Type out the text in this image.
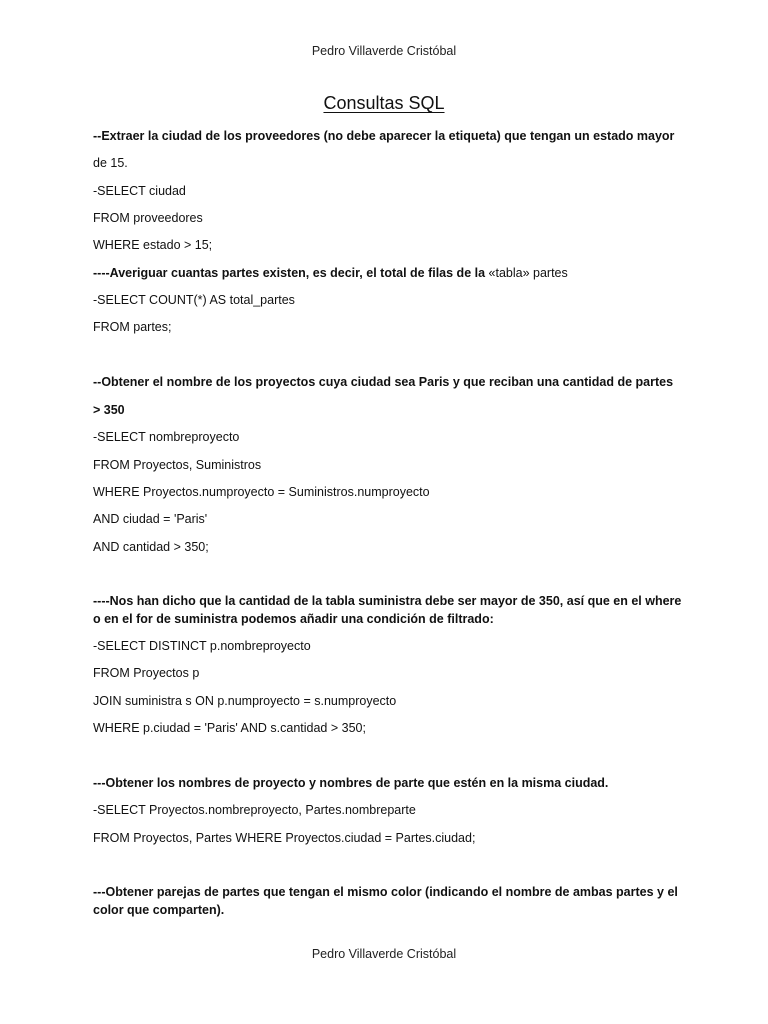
Pedro Villaverde Cristóbal
Consultas SQL
--Extraer la ciudad de los proveedores (no debe aparecer la etiqueta) que tengan un estado mayor
de 15.
-SELECT ciudad
FROM proveedores
WHERE estado > 15;
----Averiguar cuantas partes existen, es decir, el total de filas de la «tabla» partes
-SELECT COUNT(*) AS total_partes
FROM partes;
--Obtener el nombre de los proyectos cuya ciudad sea Paris y que reciban una cantidad de partes
> 350
-SELECT nombreproyecto
FROM Proyectos, Suministros
WHERE Proyectos.numproyecto = Suministros.numproyecto
AND ciudad = 'Paris'
AND cantidad > 350;
----Nos han dicho que la cantidad de la tabla suministra debe ser mayor de 350, así que en el where o en el for de suministra podemos añadir una condición de filtrado:
-SELECT DISTINCT p.nombreproyecto
FROM Proyectos p
JOIN suministra s ON p.numproyecto = s.numproyecto
WHERE p.ciudad = 'Paris' AND s.cantidad > 350;
---Obtener los nombres de proyecto y nombres de parte que estén en la misma ciudad.
-SELECT Proyectos.nombreproyecto, Partes.nombreparte
FROM Proyectos, Partes WHERE Proyectos.ciudad = Partes.ciudad;
---Obtener parejas de partes que tengan el mismo color (indicando el nombre de ambas partes y el color que comparten).
Pedro Villaverde Cristóbal
